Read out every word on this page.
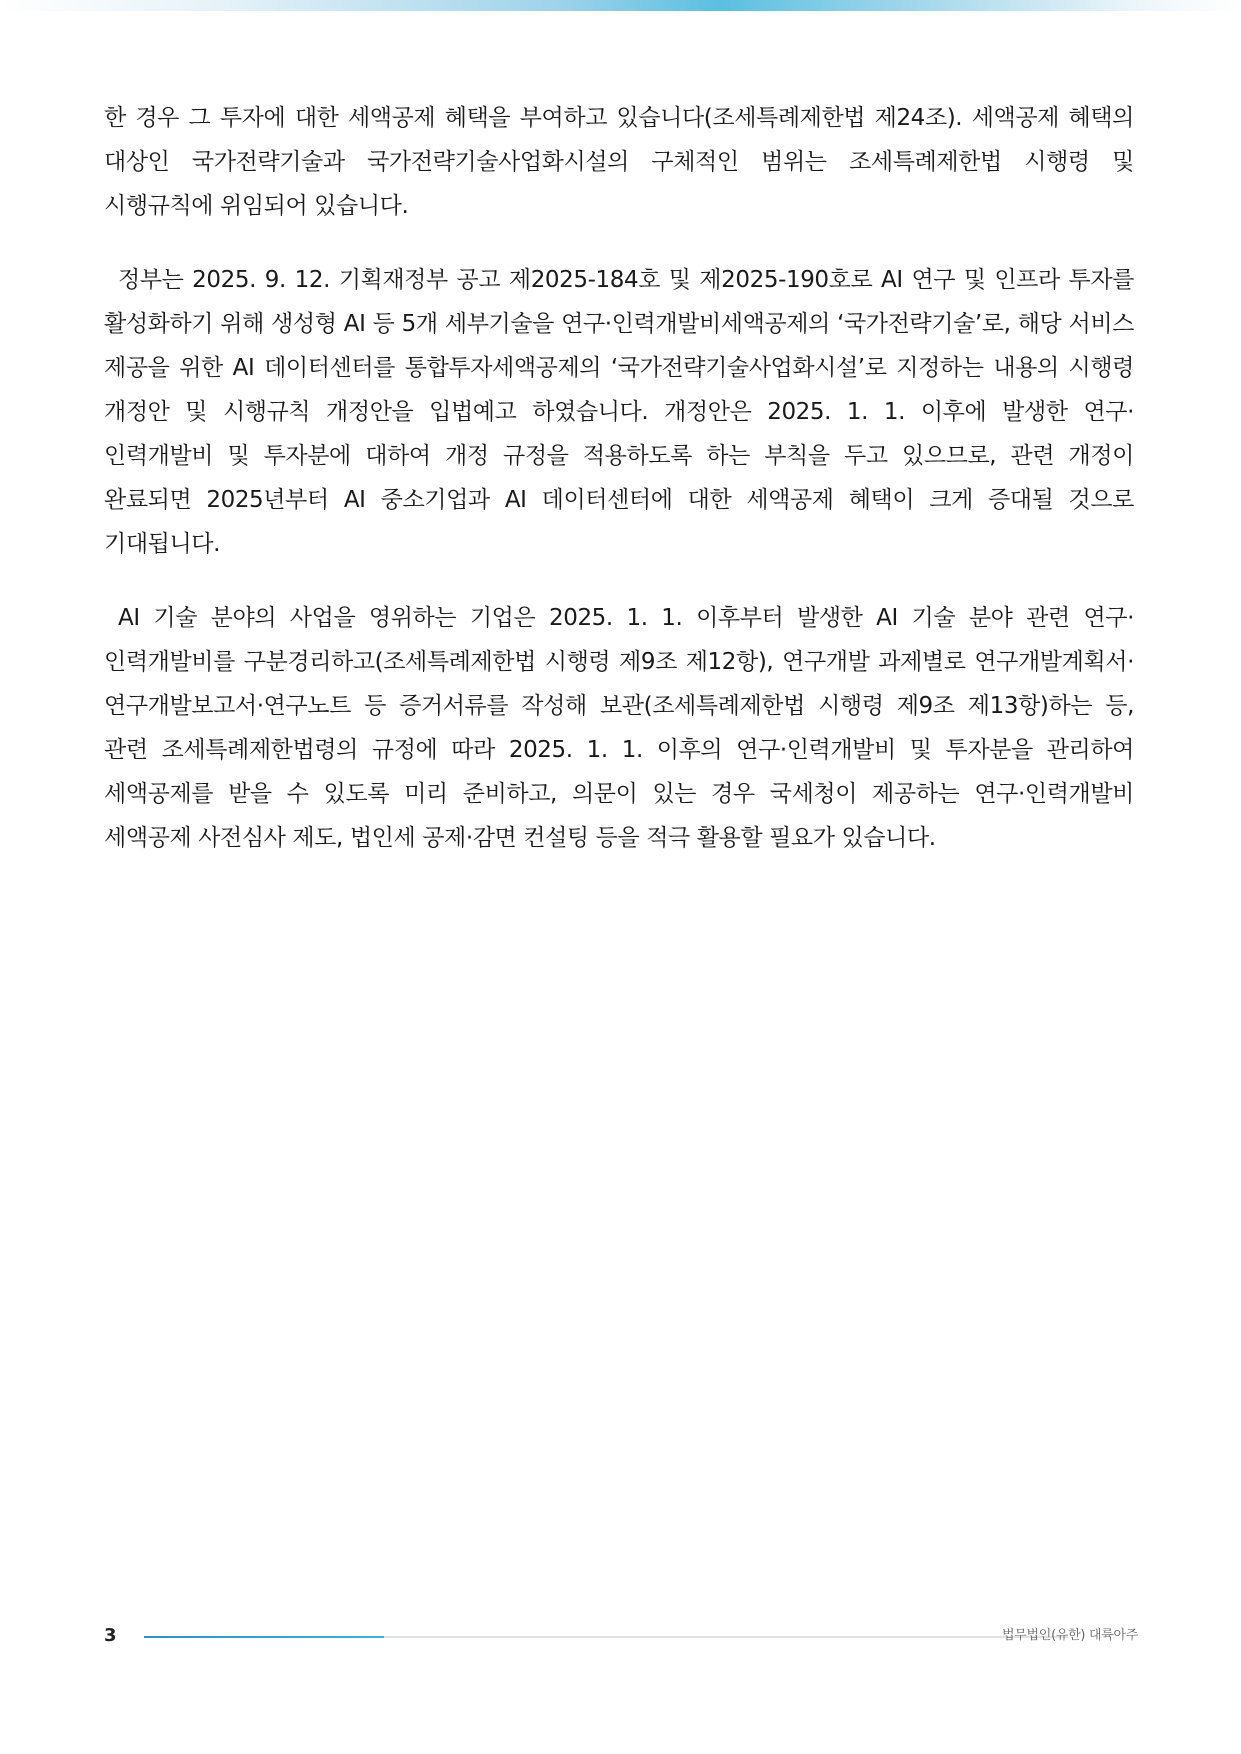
한 경우 그 투자에 대한 세액공제 혜택을 부여하고 있습니다(조세특례제한법 제24조). 세액공제 혜택의 대상인 국가전략기술과 국가전략기술사업화시설의 구체적인 범위는 조세특례제한법 시행령 및 시행규칙에 위임되어 있습니다.

정부는 2025. 9. 12. 기획재정부 공고 제2025-184호 및 제2025-190호로 AI 연구 및 인프라 투자를 활성화하기 위해 생성형 AI 등 5개 세부기술을 연구·인력개발비세액공제의 ‘국가전략기술’로, 해당 서비스 제공을 위한 AI 데이터센터를 통합투자세액공제의 ‘국가전략기술사업화시설’로 지정하는 내용의 시행령 개정안 및 시행규칙 개정안을 입법예고 하였습니다. 개정안은 2025. 1. 1. 이후에 발생한 연구·인력개발비 및 투자분에 대하여 개정 규정을 적용하도록 하는 부칙을 두고 있으므로, 관련 개정이 완료되면 2025년부터 AI 중소기업과 AI 데이터센터에 대한 세액공제 혜택이 크게 증대될 것으로 기대됩니다.

AI 기술 분야의 사업을 영위하는 기업은 2025. 1. 1. 이후부터 발생한 AI 기술 분야 관련 연구·인력개발비를 구분경리하고(조세특례제한법 시행령 제9조 제12항), 연구개발 과제별로 연구개발계획서·연구개발보고서·연구노트 등 증거서류를 작성해 보관(조세특례제한법 시행령 제9조 제13항)하는 등, 관련 조세특례제한법령의 규정에 따라 2025. 1. 1. 이후의 연구·인력개발비 및 투자분을 관리하여 세액공제를 받을 수 있도록 미리 준비하고, 의문이 있는 경우 국세청이 제공하는 연구·인력개발비 세액공제 사전심사 제도, 법인세 공제·감면 컨설팅 등을 적극 활용할 필요가 있습니다.

3	법무법인(유한) 대륙아주
